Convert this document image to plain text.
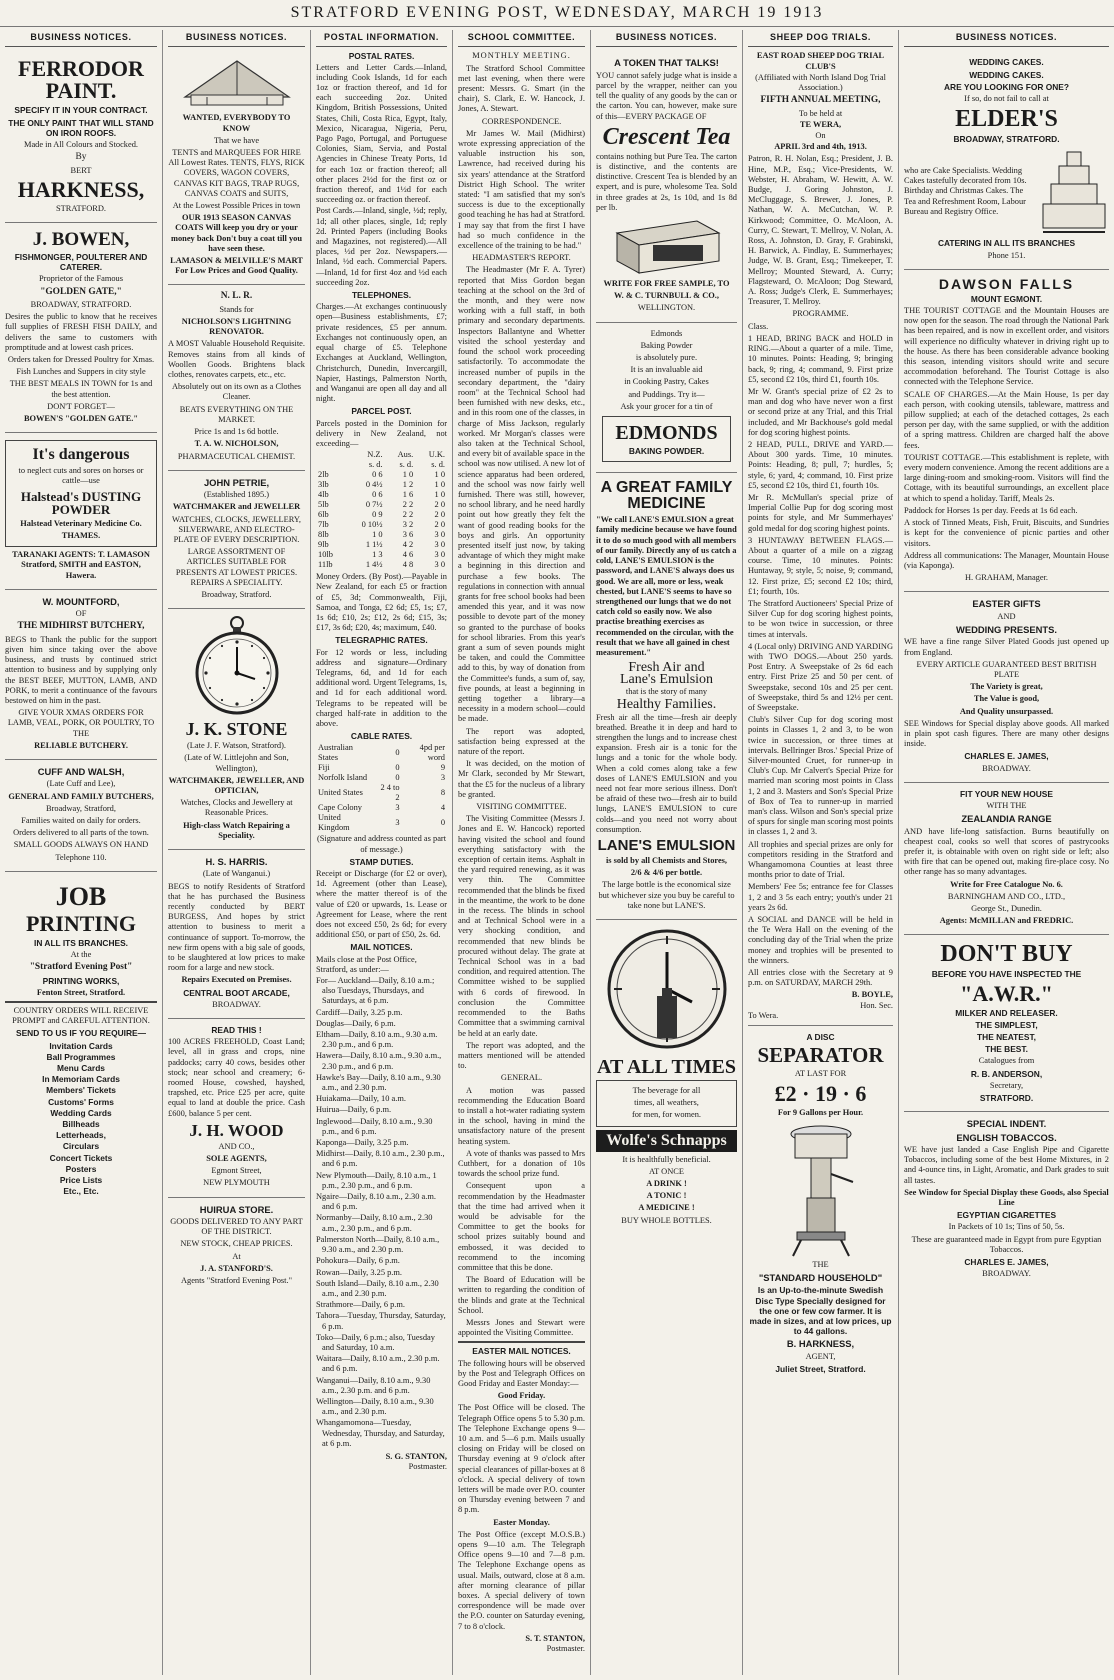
STRATFORD EVENING POST, WEDNESDAY, MARCH 19 1913
BUSINESS NOTICES.
FERRODOR PAINT.

SPECIFY IT IN YOUR CONTRACT.

THE ONLY PAINT THAT WILL STAND ON IRON ROOFS.

Made in All Colours and Stocked.

By

BERT

HARKNESS,

STRATFORD.

J. BOWEN,

FISHMONGER, POULTERER AND CATERER.

Proprietor of the Famous

"GOLDEN GATE,"

BROADWAY, STRATFORD.

Desires the public to know that he receives full supplies of FRESH FISH DAILY, and delivers the same to customers with promptitude and at lowest cash prices.

Orders taken for Dressed Poultry for Xmas.

Fish Lunches and Suppers in city style

THE BEST MEALS IN TOWN for 1s and the best attention.

DON'T FORGET—

BOWEN'S "GOLDEN GATE."

It's dangerous

to neglect cuts and sores on horses or cattle—use

Halstead's DUSTING POWDER

Halstead Veterinary Medicine Co.

THAMES.

TARANAKI AGENTS: T. LAMASON Stratford, SMITH and EASTON, Hawera.

W. MOUNTFORD,

OF

THE MIDHIRST BUTCHERY,

BEGS to Thank the public for the support given him since taking over the above business, and trusts by continued strict attention to business and by supplying only the BEST BEEF, MUTTON, LAMB, AND PORK, to merit a continuance of the favours bestowed on him in the past.

GIVE YOUR XMAS ORDERS FOR LAMB, VEAL, PORK, OR POULTRY, TO THE

RELIABLE BUTCHERY.

CUFF AND WALSH,

(Late Cuff and Lee),

GENERAL AND FAMILY BUTCHERS,

Broadway, Stratford,

Families waited on daily for orders.

Orders delivered to all parts of the town.

SMALL GOODS ALWAYS ON HAND

Telephone 110.

JOB
PRINTING

IN ALL ITS BRANCHES.

At the

"Stratford Evening Post"

PRINTING WORKS,

Fenton Street, Stratford.

COUNTRY ORDERS WILL RECEIVE PROMPT and CAREFUL ATTENTION.

SEND TO US IF YOU REQUIRE—

Invitation Cards

Ball Programmes

Menu Cards

In Memoriam Cards

Members' Tickets

Customs' Forms

Wedding Cards

Billheads

Letterheads,

Circulars

Concert Tickets

Posters

Price Lists

Etc., Etc.

BUSINESS NOTICES.

WANTED, EVERYBODY TO KNOW

That we have

TENTS and MARQUEES FOR HIRE All Lowest Rates. TENTS, FLYS, RICK COVERS, WAGON COVERS, CANVAS KIT BAGS, TRAP RUGS, CANVAS COATS and SUITS,

At the Lowest Possible Prices in town

OUR 1913 SEASON CANVAS COATS Will keep you dry or your money back Don't buy a coat till you have seen these.

LAMASON & MELVILLE'S MART For Low Prices and Good Quality.

N. L. R.

Stands for

NICHOLSON'S LIGHTNING RENOVATOR.

A MOST Valuable Household Requisite. Removes stains from all kinds of Woollen Goods. Brightens black clothes, renovates carpets, etc., etc.

Absolutely out on its own as a Clothes Cleaner.

BEATS EVERYTHING ON THE MARKET.

Price 1s and 1s 6d bottle.

T. A. W. NICHOLSON,

PHARMACEUTICAL CHEMIST.

JOHN PETRIE,

(Established 1895.)

WATCHMAKER and JEWELLER

WATCHES, CLOCKS, JEWELLERY, SILVERWARE, AND ELECTRO-PLATE OF EVERY DESCRIPTION.

LARGE ASSORTMENT OF ARTICLES SUITABLE FOR PRESENTS AT LOWEST PRICES. REPAIRS A SPECIALITY.

Broadway, Stratford.

J. K. STONE

(Late J. F. Watson, Stratford).

(Late of W. Littlejohn and Son, Wellington),

WATCHMAKER, JEWELLER, AND OPTICIAN,

Watches, Clocks and Jewellery at Reasonable Prices.

High-class Watch Repairing a Speciality.

H. S. HARRIS.

(Late of Wanganui.)

BEGS to notify Residents of Stratford that he has purchased the Business recently conducted by BERT BURGESS, And hopes by strict attention to business to merit a continuance of support. To-morrow, the new firm opens with a big sale of goods, to be slaughtered at low prices to make room for a large and new stock.

Repairs Executed on Premises.

CENTRAL BOOT ARCADE,

BROADWAY.

READ THIS !

100 ACRES FREEHOLD, Coast Land; level, all in grass and crops, nine paddocks; carry 40 cows, besides other stock; near school and creamery; 6-roomed House, cowshed, hayshed, trapshed, etc. Price £25 per acre, quite equal to land at double the price. Cash £600, balance 5 per cent.

J. H. WOOD

AND CO.,

SOLE AGENTS,

Egmont Street,

NEW PLYMOUTH

HUIRUA STORE.

GOODS DELIVERED TO ANY PART OF THE DISTRICT.

NEW STOCK, CHEAP PRICES.

At

J. A. STANFORD'S.

Agents "Stratford Evening Post."

POSTAL INFORMATION.

POSTAL RATES.

Letters and Letter Cards.—Inland, including Cook Islands, 1d for each 1oz or fraction thereof, and 1d for each succeeding 2oz. United Kingdom, British Possessions, United States, Chili, Costa Rica, Egypt, Italy, Mexico, Nicaragua, Nigeria, Peru, Pago Pago, Portugal, and Portuguese Colonies, Siam, Servia, and Postal Agencies in Chinese Treaty Ports, 1d for each 1oz or fraction thereof; all other places 2½d for the first oz or fraction thereof, and 1½d for each succeeding oz. or fraction thereof.

Post Cards.—Inland, single, ½d; reply, 1d; all other places, single, 1d; reply 2d. Printed Papers (including Books and Magazines, not registered).—All places, ½d per 2oz. Newspapers.—Inland, ½d each. Commercial Papers.—Inland, 1d for first 4oz and ½d each succeeding 2oz.

TELEPHONES.

Charges.—At exchanges continuously open—Business establishments, £7; private residences, £5 per annum. Exchanges not continuously open, an equal charge of £5. Telephone Exchanges at Auckland, Wellington, Christchurch, Dunedin, Invercargill, Napier, Hastings, Palmerston North, and Wanganui are open all day and all night.

PARCEL POST.

Parcels posted in the Dominion for delivery in New Zealand, not exceeding—

	N.Z.	Aus.	U.K.
	s. d.	s. d.	s. d.
2lb	0 6	1 0	1 0
3lb	0 4½	1 2	1 0
4lb	0 6	1 6	1 0
5lb	0 7½	2 2	2 0
6lb	0 9	2 2	2 0
7lb	0 10½	3 2	2 0
8lb	1 0	3 6	3 0
9lb	1 1½	4 2	3 0
10lb	1 3	4 6	3 0
11lb	1 4½	4 8	3 0

Money Orders. (By Post).—Payable in New Zealand, for each £5 or fraction of £5, 3d; Commonwealth, Fiji, Samoa, and Tonga, £2 6d; £5, 1s; £7, 1s 6d; £10, 2s; £12, 2s 6d; £15, 3s; £17, 3s 6d; £20, 4s; maximum, £40.

TELEGRAPHIC RATES.

For 12 words or less, including address and signature—Ordinary Telegrams, 6d, and 1d for each additional word. Urgent Telegrams, 1s, and 1d for each additional word. Telegrams to be repeated will be charged half-rate in addition to the above.

CABLE RATES.

Australian States	0	4pd per word
Fiji	0	9
Norfolk Island	0	3
United States	2 4 to 2	8
Cape Colony	3	4
United Kingdom	3	0

(Signature and address counted as part of message.)

STAMP DUTIES.

Receipt or Discharge (for £2 or over), 1d. Agreement (other than Lease), where the matter thereof is of the value of £20 or upwards, 1s. Lease or Agreement for Lease, where the rent does not exceed £50, 2s 6d; for every additional £50, or part of £50, 2s. 6d.

MAIL NOTICES.

Mails close at the Post Office, Stratford, as under:—

For— Auckland—Daily, 8.10 a.m.; also Tuesdays, Thursdays, and Saturdays, at 6 p.m.

Cardiff—Daily, 3.25 p.m.

Douglas—Daily, 6 p.m.

Eltham—Daily, 8.10 a.m., 9.30 a.m. 2.30 p.m., and 6 p.m.

Hawera—Daily, 8.10 a.m., 9.30 a.m., 2.30 p.m., and 6 p.m.

Hawke's Bay—Daily, 8.10 a.m., 9.30 a.m., and 2.30 p.m.

Huiakama—Daily, 10 a.m.

Huirua—Daily, 6 p.m.

Inglewood—Daily, 8.10 a.m., 9.30 p.m., and 6 p.m.

Kaponga—Daily, 3.25 p.m.

Midhirst—Daily, 8.10 a.m., 2.30 p.m., and 6 p.m.

New Plymouth—Daily, 8.10 a.m., 1 p.m., 2.30 p.m., and 6 p.m.

Ngaire—Daily, 8.10 a.m., 2.30 a.m. and 6 p.m.

Normanby—Daily, 8.10 a.m., 2.30 a.m., 2.30 p.m., and 6 p.m.

Palmerston North—Daily, 8.10 a.m., 9.30 a.m., and 2.30 p.m.

Pohokura—Daily, 6 p.m.

Rowan—Daily, 3.25 p.m.

South Island—Daily, 8.10 a.m., 2.30 a.m., and 2.30 p.m.

Strathmore—Daily, 6 p.m.

Tahora—Tuesday, Thursday, Saturday, 6 p.m.

Toko—Daily, 6 p.m.; also, Tuesday and Saturday, 10 a.m.

Waitara—Daily, 8.10 a.m., 2.30 p.m. and 6 p.m.

Wanganui—Daily, 8.10 a.m., 9.30 a.m., 2.30 p.m. and 6 p.m.

Wellington—Daily, 8.10 a.m., 9.30 a.m., and 2.30 p.m.

Whangamomona—Tuesday, Wednesday, Thursday, and Saturday, at 6 p.m.

S. G. STANTON,

Postmaster.

SCHOOL COMMITTEE.

MONTHLY MEETING.

The Stratford School Committee met last evening, when there were present: Messrs. G. Smart (in the chair), S. Clark, E. W. Hancock, J. Jones, A. Stewart.

CORRESPONDENCE.

Mr James W. Mail (Midhirst) wrote expressing appreciation of the valuable instruction his son, Lawrence, had received during his six years' attendance at the Stratford District High School. The writer stated: "I am satisfied that my son's success is due to the exceptionally good teaching he has had at Stratford. I may say that from the first I have had so much confidence in the excellence of the training to be had."

HEADMASTER'S REPORT.

The Headmaster (Mr F. A. Tyrer) reported that Miss Gordon began teaching at the school on the 3rd of the month, and they were now working with a full staff, in both primary and secondary departments. Inspectors Ballantyne and Whetter visited the school yesterday and found the school work proceeding satisfactorily. To accommodate the increased number of pupils in the secondary department, the "dairy room" at the Technical School had been furnished with new desks, etc., and in this room one of the classes, in charge of Miss Jackson, regularly worked. Mr Morgan's classes were also taken at the Technical School, and every bit of available space in the school was now utilised. A new lot of science apparatus had been ordered, and the school was now fairly well furnished. There was still, however, no school library, and he need hardly point out how greatly they felt the want of good reading books for the boys and girls. An opportunity presented itself just now, by taking advantage of which they might make a beginning in this direction and purchase a few books. The regulations in connection with annual grants for free school books had been amended this year, and it was now possible to devote part of the money so granted to the purchase of books for school libraries. From this year's grant a sum of seven pounds might be taken, and could the Committee add to this, by way of donation from the Committee's funds, a sum of, say, five pounds, at least a beginning in getting together a library—a necessity in a modern school—could be made.

The report was adopted, satisfaction being expressed at the nature of the report.

It was decided, on the motion of Mr Clark, seconded by Mr Stewart, that the £5 for the nucleus of a library be granted.

VISITING COMMITTEE.

The Visiting Committee (Messrs J. Jones and E. W. Hancock) reported having visited the school and found everything satisfactory with the exception of certain items. Asphalt in the yard required renewing, as it was very thin. The Committee recommended that the blinds be fixed in the meantime, the work to be done in the recess. The blinds in school and at Technical School were in a very shocking condition, and recommended that new blinds be procured without delay. The grate at Technical School was in a bad condition, and required attention. The Committee wished to be supplied with 6 cords of firewood. In conclusion the Committee recommended to the Baths Committee that a swimming carnival be held at an early date.

The report was adopted, and the matters mentioned will be attended to.

GENERAL.

A motion was passed recommending the Education Board to install a hot-water radiating system in the school, having in mind the unsatisfactory nature of the present heating system.

A vote of thanks was passed to Mrs Cuthbert, for a donation of 10s towards the school prize fund.

Consequent upon a recommendation by the Headmaster that the time had arrived when it would be advisable for the Committee to get the books for school prizes suitably bound and embossed, it was decided to recommend to the incoming committee that this be done.

The Board of Education will be written to regarding the condition of the blinds and grate at the Technical School.

Messrs Jones and Stewart were appointed the Visiting Committee.

EASTER MAIL NOTICES.

The following hours will be observed by the Post and Telegraph Offices on Good Friday and Easter Monday:—

Good Friday.

The Post Office will be closed. The Telegraph Office opens 5 to 5.30 p.m. The Telephone Exchange opens 9—10 a.m. and 5—6 p.m. Mails usually closing on Friday will be closed on Thursday evening at 9 o'clock after special clearances of pillar-boxes at 8 o'clock. A special delivery of town letters will be made over P.O. counter on Thursday evening between 7 and 8 p.m.

Easter Monday.

The Post Office (except M.O.S.B.) opens 9—10 a.m. The Telegraph Office opens 9—10 and 7—8 p.m. The Telephone Exchange opens as usual. Mails, outward, close at 8 a.m. after morning clearance of pillar boxes. A special delivery of town correspondence will be made over the P.O. counter on Saturday evening, 7 to 8 o'clock.

S. T. STANTON,

Postmaster.

BUSINESS NOTICES.

A TOKEN THAT TALKS!

YOU cannot safely judge what is inside a parcel by the wrapper, neither can you tell the quality of any goods by the can or the carton. You can, however, make sure of this—EVERY PACKAGE OF

Crescent Tea

contains nothing but Pure Tea. The carton is distinctive, and the contents are distinctive. Crescent Tea is blended by an expert, and is pure, wholesome Tea. Sold in three grades at 2s, 1s 10d, and 1s 8d per lb.

WRITE FOR FREE SAMPLE, TO

W. & C. TURNBULL & CO.,

WELLINGTON.

Edmonds

Baking Powder

is absolutely pure.

It is an invaluable aid

in Cooking Pastry, Cakes

and Puddings. Try it—

Ask your grocer for a tin of

EDMONDS

BAKING POWDER.

A GREAT FAMILY MEDICINE

"We call LANE'S EMULSION a great family medicine because we have found it to do so much good with all members of our family. Directly any of us catch a cold, LANE'S EMULSION is the password, and LANE'S always does us good. We are all, more or less, weak chested, but LANE'S seems to have so strengthened our lungs that we do not catch cold so easily now. We also practise breathing exercises as recommended on the circular, with the result that we have all gained in chest measurement."

Fresh Air and

Lane's Emulsion

that is the story of many

Healthy Families.

Fresh air all the time—fresh air deeply breathed. Breathe it in deep and hard to strengthen the lungs and to increase chest expansion. Fresh air is a tonic for the lungs and a tonic for the whole body. When a cold comes along take a few doses of LANE'S EMULSION and you need not fear more serious illness. Don't be afraid of these two—fresh air to build lungs, LANE'S EMULSION to cure colds—and you need not worry about consumption.

LANE'S EMULSION

is sold by all Chemists and Stores,

2/6 & 4/6 per bottle.

The large bottle is the economical size but whichever size you buy be careful to take none but LANE'S.

AT ALL TIMES

The beverage for all

times, all weathers,

for men, for women.

Wolfe's Schnapps

It is healthfully beneficial.

AT ONCE

A DRINK !

A TONIC !

A MEDICINE !

BUY WHOLE BOTTLES.

SHEEP DOG TRIALS.

EAST ROAD SHEEP DOG TRIAL CLUB'S

(Affiliated with North Island Dog Trial Association.)

FIFTH ANNUAL MEETING,

To be held at

TE WERA,

On

APRIL 3rd and 4th, 1913.

Patron, R. H. Nolan, Esq.; President, J. B. Hine, M.P., Esq.; Vice-Presidents, W. Webster, H. Abraham, W. Hewitt, A. W. Budge, J. Goring Johnston, J. McCluggage, S. Brewer, J. Jones, P. Nathan, W. A. McCutchan, W. P. Kirkwood; Committee, O. McAloon, A. Curry, C. Stewart, T. Mellroy, V. Nolan, A. Ross, A. Johnston, D. Gray, F. Grabinski, H. Barwick, A. Findlay, E. Summerhayes; Judge, W. B. Grant, Esq.; Timekeeper, T. Mellroy; Mounted Steward, A. Curry; Flagsteward, O. McAloon; Dog Steward, A. Ross; Judge's Clerk, E. Summerhayes; Treasurer, T. Mellroy.

PROGRAMME.

Class.

1 HEAD, BRING BACK and HOLD in RING.—About a quarter of a mile. Time, 10 minutes. Points: Heading, 9; bringing back, 9; ring, 4; command, 9. First prize £5, second £2 10s, third £1, fourth 10s.

Mr W. Grant's special prize of £2 2s to man and dog who have never won a first or second prize at any Trial, and this Trial included, and Mr Backhouse's gold medal for dog scoring highest points.

2 HEAD, PULL, DRIVE and YARD.—About 300 yards. Time, 10 minutes. Points: Heading, 8; pull, 7; hurdles, 5; style, 6; yard, 4; command, 10. First prize £5, second £2 10s, third £1, fourth 10s.

Mr R. McMullan's special prize of Imperial Collie Pup for dog scoring most points for style, and Mr Summerhayes' gold medal for dog scoring highest points.

3 HUNTAWAY BETWEEN FLAGS.—About a quarter of a mile on a zigzag course. Time, 10 minutes. Points: Huntaway, 9; style, 5; noise, 9; command, 12. First prize, £5; second £2 10s; third, £1; fourth, 10s.

The Stratford Auctioneers' Special Prize of Silver Cup for dog scoring highest points, to be won twice in succession, or three times at intervals.

4 (Local only) DRIVING AND YARDING with TWO DOGS.—About 250 yards. Post Entry. A Sweepstake of 2s 6d each entry. First Prize 25 and 50 per cent. of Sweepstake, second 10s and 25 per cent. of Sweepstake, third 5s and 12½ per cent. of Sweepstake.

Club's Silver Cup for dog scoring most points in Classes 1, 2 and 3, to be won twice in succession, or three times at intervals. Bellringer Bros.' Special Prize of Silver-mounted Cruet, for runner-up in Club's Cup. Mr Calvert's Special Prize for married man scoring most points in Class 1, 2 and 3. Masters and Son's Special Prize of Box of Tea to runner-up in married man's class. Wilson and Son's special prize of spurs for single man scoring most points in classes 1, 2 and 3.

All trophies and special prizes are only for competitors residing in the Stratford and Whangamomona Counties at least three months prior to date of Trial.

Members' Fee 5s; entrance fee for Classes 1, 2 and 3 5s each entry; youth's under 21 years 2s 6d.

A SOCIAL and DANCE will be held in the Te Wera Hall on the evening of the concluding day of the Trial when the prize money and trophies will be presented to the winners.

All entries close with the Secretary at 9 p.m. on SATURDAY, MARCH 29th.

B. BOYLE,

Hon. Sec.

To Wera.

A DISC

SEPARATOR

AT LAST FOR

£2 · 19 · 6

For 9 Gallons per Hour.

THE

"STANDARD HOUSEHOLD"

Is an Up-to-the-minute Swedish Disc Type Specially designed for the one or few cow farmer. It is made in sizes, and at low prices, up to 44 gallons.

B. HARKNESS,

AGENT,

Juliet Street, Stratford.

BUSINESS NOTICES.

WEDDING CAKES.

WEDDING CAKES.

ARE YOU LOOKING FOR ONE?

If so, do not fail to call at

ELDER'S

BROADWAY, STRATFORD.

who are Cake Specialists. Wedding Cakes tastefully decorated from 10s. Birthday and Christmas Cakes. The Tea and Refreshment Room, Labour Bureau and Registry Office.

CATERING IN ALL ITS BRANCHES

Phone 151.

DAWSON FALLS

MOUNT EGMONT.

THE TOURIST COTTAGE and the Mountain Houses are now open for the season. The road through the National Park has been repaired, and is now in excellent order, and visitors will experience no difficulty whatever in driving right up to the house. As there has been considerable advance booking this season, intending visitors should write and secure accommodation beforehand. The Tourist Cottage is also connected with the Telephone Service.

SCALE OF CHARGES.—At the Main House, 1s per day each person, with cooking utensils, tableware, mattress and pillow supplied; at each of the detached cottages, 2s each person per day, with the same supplied, or with the addition of a spring mattress. Children are charged half the above fees.

TOURIST COTTAGE.—This establishment is replete, with every modern convenience. Among the recent additions are a large dining-room and smoking-room. Visitors will find the Cottage, with its beautiful surroundings, an excellent place at which to spend a holiday. Tariff, Meals 2s.

Paddock for Horses 1s per day. Feeds at 1s 6d each.

A stock of Tinned Meats, Fish, Fruit, Biscuits, and Sundries is kept for the convenience of picnic parties and other visitors.

Address all communications: The Manager, Mountain House (via Kaponga).

H. GRAHAM, Manager.

EASTER GIFTS

AND

WEDDING PRESENTS.

WE have a fine range Silver Plated Goods just opened up from England.

EVERY ARTICLE GUARANTEED BEST BRITISH PLATE

The Variety is great,

The Value is good,

And Quality unsurpassed.

SEE Windows for Special display above goods. All marked in plain spot cash figures. There are many other designs inside.

CHARLES E. JAMES,

BROADWAY.

FIT YOUR NEW HOUSE

WITH THE

ZEALANDIA RANGE

AND have life-long satisfaction. Burns beautifully on cheapest coal, cooks so well that scores of pastrycooks prefer it, is obtainable with oven on right side or left; also with fire that can be opened out, making fire-place cosy. No other range has so many advantages.

Write for Free Catalogue No. 6.

BARNINGHAM AND CO., LTD.,

George St., Dunedin.

Agents: McMILLAN and FREDRIC.

DON'T BUY

BEFORE YOU HAVE INSPECTED THE

"A.W.R."

MILKER AND RELEASER.

THE SIMPLEST,

THE NEATEST,

THE BEST.

Catalogues from

R. B. ANDERSON,

Secretary,

STRATFORD.

SPECIAL INDENT.

ENGLISH TOBACCOS.

WE have just landed a Case English Pipe and Cigarette Tobaccos, including some of the best Home Mixtures, in 2 and 4-ounce tins, in Light, Aromatic, and Dark grades to suit all tastes.

See Window for Special Display these Goods, also Special Line

EGYPTIAN CIGARETTES

In Packets of 10 1s; Tins of 50, 5s.

These are guaranteed made in Egypt from pure Egyptian Tobaccos.

CHARLES E. JAMES,

BROADWAY.
